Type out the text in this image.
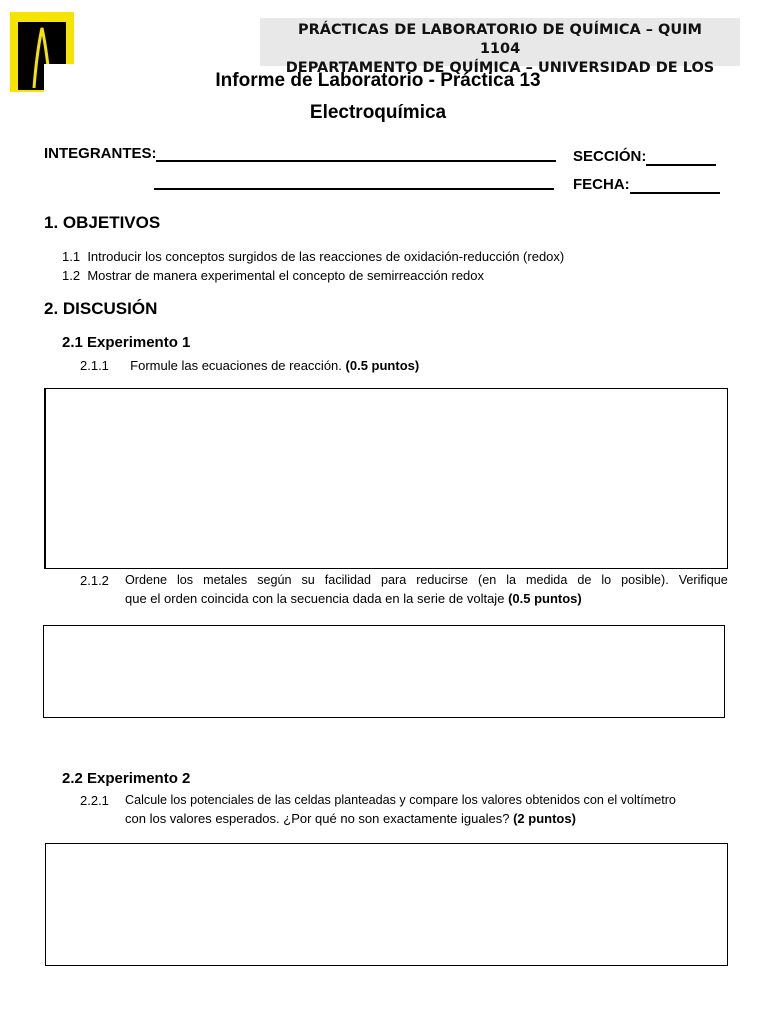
PRÁCTICAS DE LABORATORIO DE QUÍMICA – QUIM
1104
DEPARTAMENTO DE QUÍMICA – UNIVERSIDAD DE LOS
Informe de Laboratorio - Práctica 13
Electroquímica
INTEGRANTES:	SECCIÓN:
FECHA:
1. OBJETIVOS
1.1 Introducir los conceptos surgidos de las reacciones de oxidación-reducción (redox)
1.2 Mostrar de manera experimental el concepto de semirreacción redox
2. DISCUSIÓN
2.1 Experimento 1
2.1.1 Formule las ecuaciones de reacción. (0.5 puntos)
2.1.2	Ordene los metales según su facilidad para reducirse (en la medida de lo posible). Verifique
que el orden coincida con la secuencia dada en la serie de voltaje (0.5 puntos)
2.2 Experimento 2
2.2.1	Calcule los potenciales de las celdas planteadas y compare los valores obtenidos con el voltímetro
con los valores esperados. ¿Por qué no son exactamente iguales? (2 puntos)
